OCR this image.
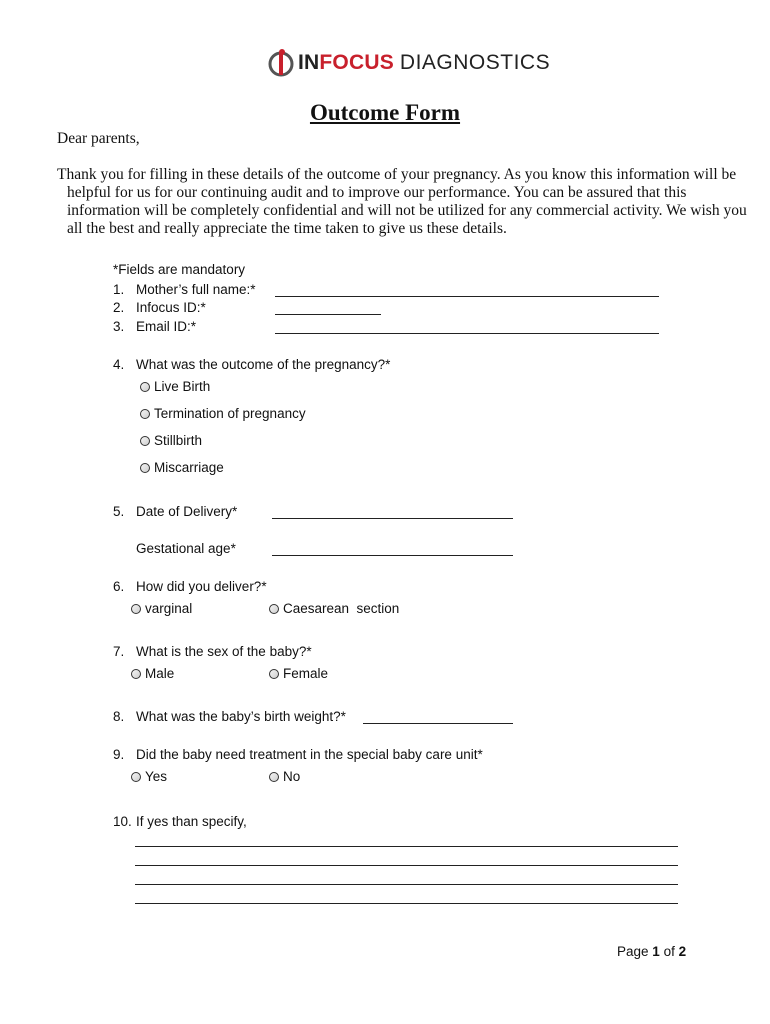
INFOCUS DIAGNOSTICS
Outcome Form
Dear parents,

Thank you for filling in these details of the outcome of your pregnancy. As you know this information will be helpful for us for our continuing audit and to improve our performance. You can be assured that this information will be completely confidential and will not be utilized for any commercial activity. We wish you all the best and really appreciate the time taken to give us these details.

*Fields are mandatory
1. Mother’s full name:*
2. Infocus ID:*
3. Email ID:*
4. What was the outcome of the pregnancy?*
Live Birth
Termination of pregnancy
Stillbirth
Miscarriage
5. Date of Delivery*
Gestational age*
6. How did you deliver?*
varginal	Caesarean  section
7. What is the sex of the baby?*
Male	Female
8. What was the baby’s birth weight?*
9. Did the baby need treatment in the special baby care unit*
Yes	No
10. If yes than specify,
Page 1 of 2
